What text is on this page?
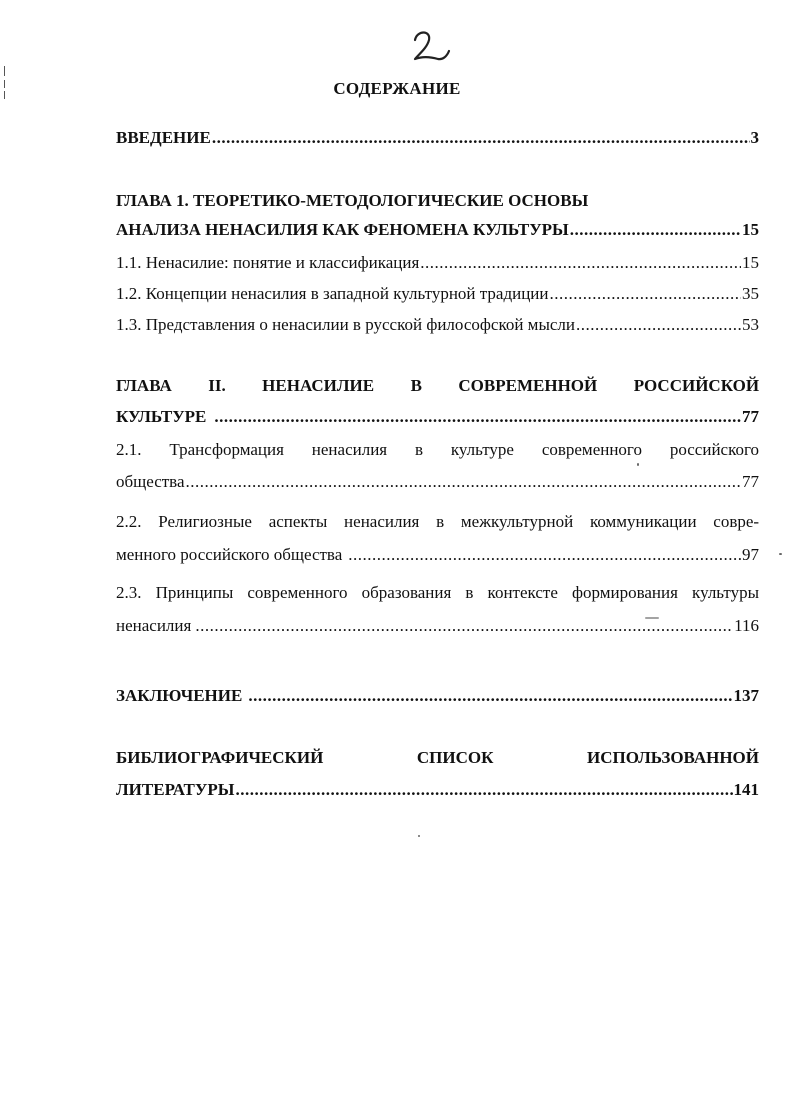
СОДЕРЖАНИЕ
ВВЕДЕНИЕ .....	3
ГЛАВА 1. ТЕОРЕТИКО-МЕТОДОЛОГИЧЕСКИЕ ОСНОВЫ
АНАЛИЗА НЕНАСИЛИЯ КАК ФЕНОМЕНА КУЛЬТУРЫ .....	15
1.1. Ненасилие: понятие и классификация .....	15
1.2. Концепции ненасилия в западной культурной традиции .....	35
1.3. Представления о ненасилии в русской философской мысли .....	53
ГЛАВА II. НЕНАСИЛИЕ В СОВРЕМЕННОЙ РОССИЙСКОЙ
КУЛЬТУРЕ .....	77
2.1. Трансформация ненасилия в культуре современного российского
общества .....	77
2.2. Религиозные аспекты ненасилия в межкультурной коммуникации совре-
менного российского общества .....	97
2.3. Принципы современного образования в контексте формирования культуры
ненасилия .....	116
ЗАКЛЮЧЕНИЕ .....	137
БИБЛИОГРАФИЧЕСКИЙ	СПИСОК	ИСПОЛЬЗОВАННОЙ
ЛИТЕРАТУРЫ .....	141
